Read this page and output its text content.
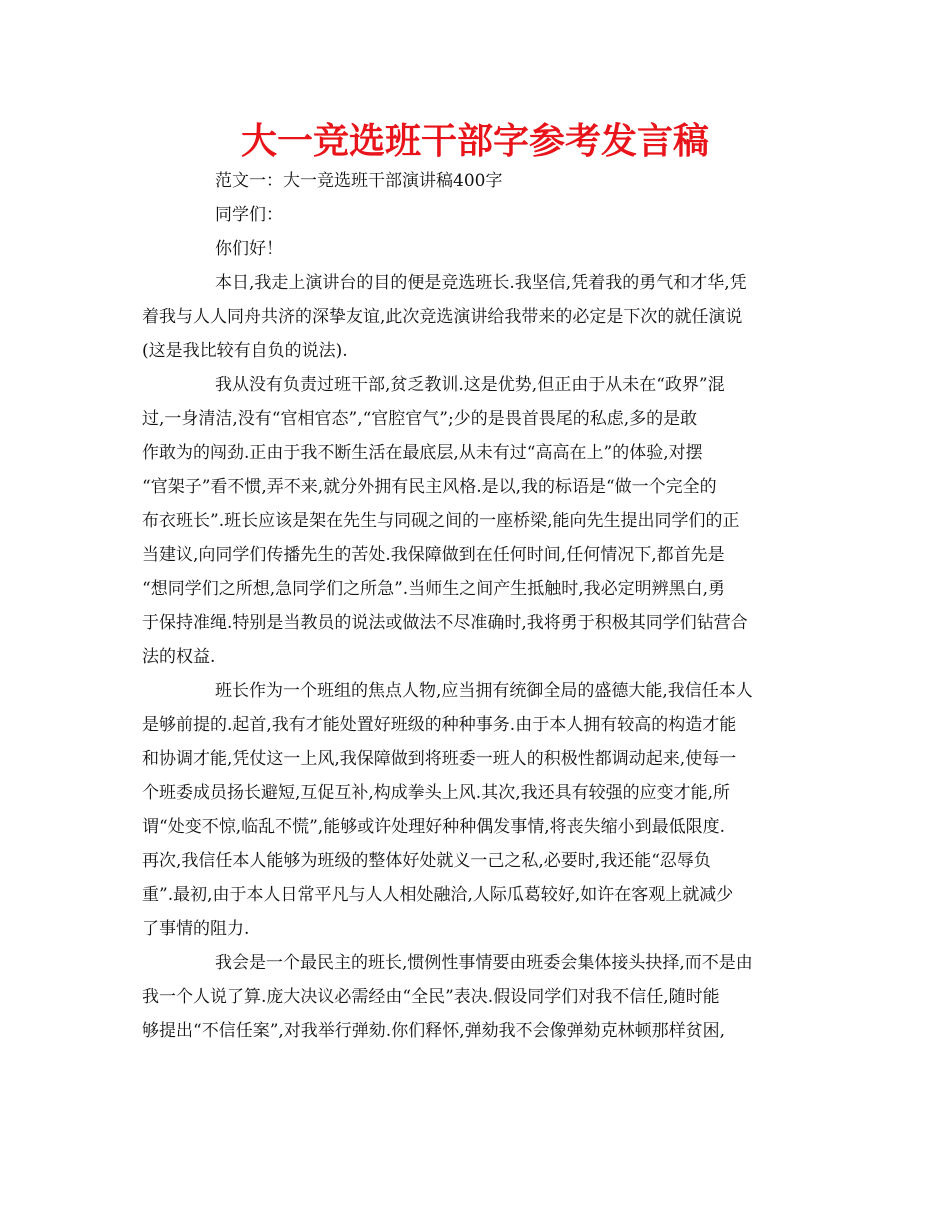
大一竞选班干部字参考发言稿

范文一：大一竞选班干部演讲稿400字

同学们：

你们好！

本日,我走上演讲台的目的便是竞选班长.我坚信,凭着我的勇气和才华,凭

着我与人人同舟共济的深挚友谊,此次竞选演讲给我带来的必定是下次的就任演说

(这是我比较有自负的说法).

我从没有负责过班干部,贫乏教训.这是优势,但正由于从未在“政界”混

过,一身清洁,没有“官相官态”,“官腔官气”;少的是畏首畏尾的私虑,多的是敢

作敢为的闯劲.正由于我不断生活在最底层,从未有过“高高在上”的体验,对摆

“官架子”看不惯,弄不来,就分外拥有民主风格.是以,我的标语是“做一个完全的

布衣班长”.班长应该是架在先生与同砚之间的一座桥梁,能向先生提出同学们的正

当建议,向同学们传播先生的苦处.我保障做到在任何时间,任何情况下,都首先是

“想同学们之所想,急同学们之所急”.当师生之间产生抵触时,我必定明辨黑白,勇

于保持准绳.特别是当教员的说法或做法不尽准确时,我将勇于积极其同学们钻营合

法的权益.

班长作为一个班组的焦点人物,应当拥有统御全局的盛德大能,我信任本人

是够前提的.起首,我有才能处置好班级的种种事务.由于本人拥有较高的构造才能

和协调才能,凭仗这一上风,我保障做到将班委一班人的积极性都调动起来,使每一

个班委成员扬长避短,互促互补,构成拳头上风.其次,我还具有较强的应变才能,所

谓“处变不惊,临乱不慌”,能够或许处理好种种偶发事情,将丧失缩小到最低限度.

再次,我信任本人能够为班级的整体好处就义一己之私,必要时,我还能“忍辱负

重”.最初,由于本人日常平凡与人人相处融洽,人际瓜葛较好,如许在客观上就减少

了事情的阻力.

我会是一个最民主的班长,惯例性事情要由班委会集体接头抉择,而不是由

我一个人说了算.庞大决议必需经由“全民”表决.假设同学们对我不信任,随时能

够提出“不信任案”,对我举行弹劾.你们释怀,弹劾我不会像弹劾克林顿那样贫困,
